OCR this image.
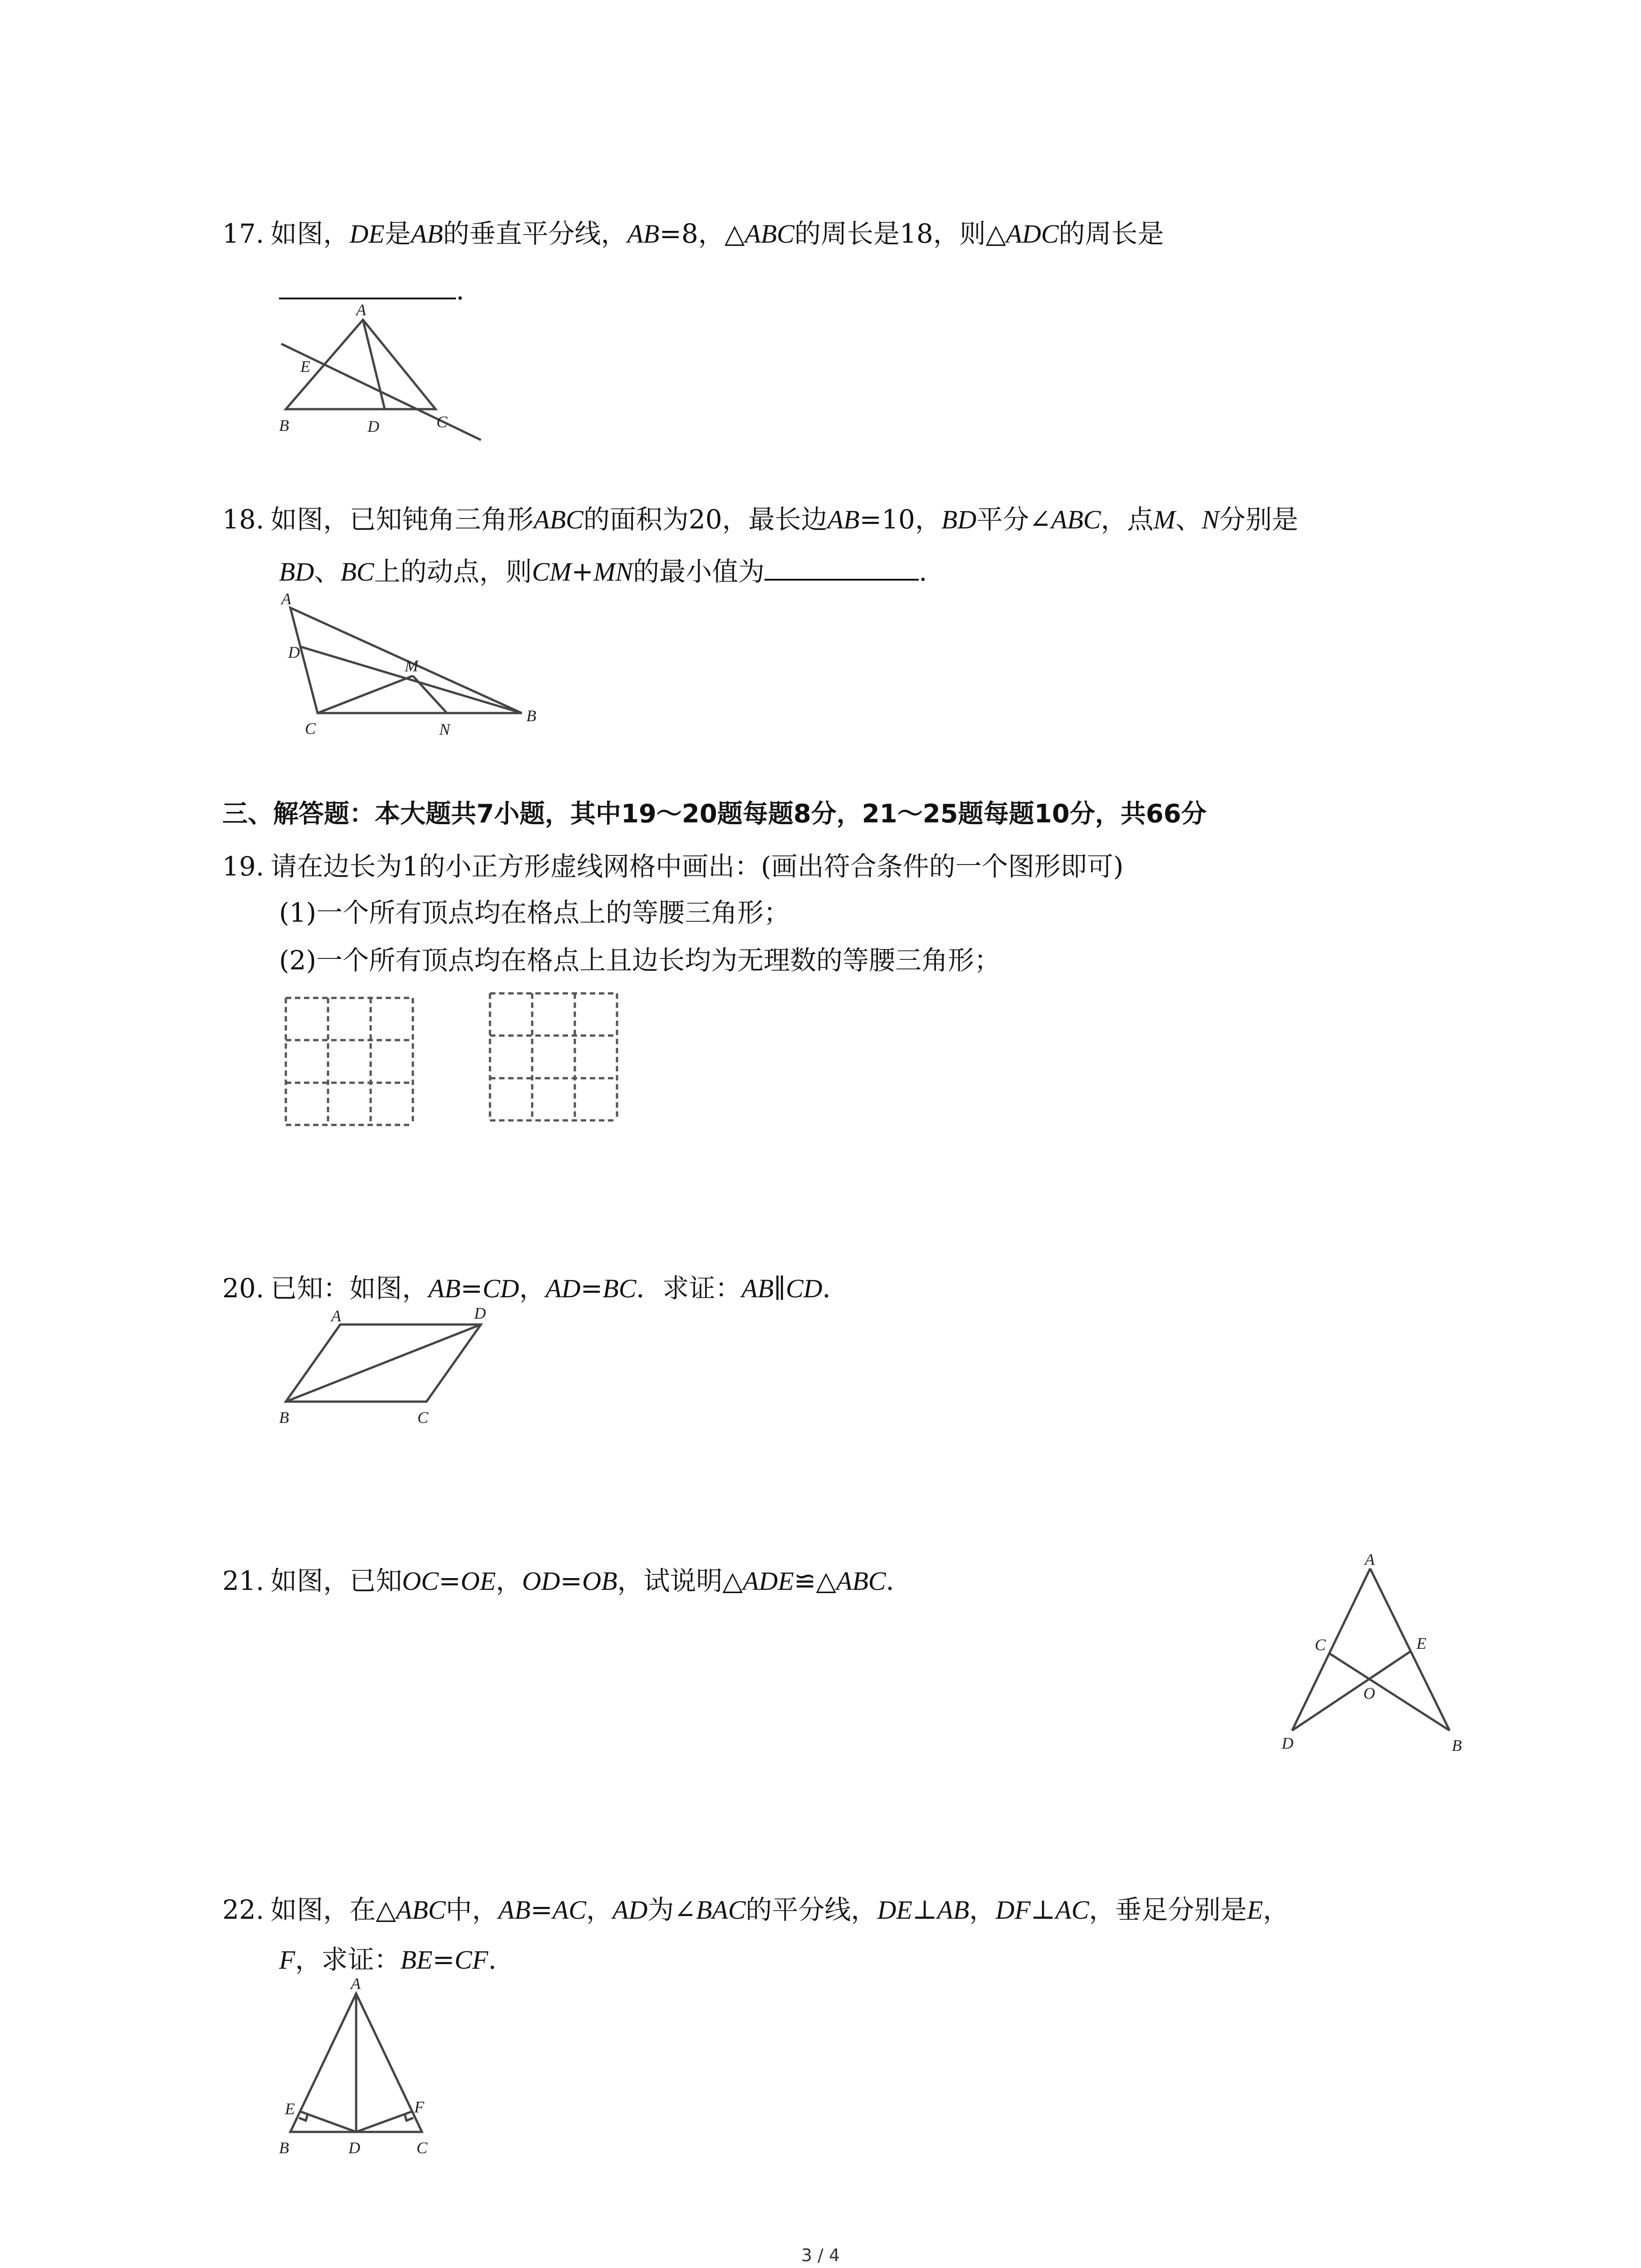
17. 如图，DE是AB的垂直平分线，AB=8，△ABC的周长是18，则△ADC的周长是
.
A
B	C
D
E
18. 如图，已知钝角三角形ABC的面积为20，最长边AB=10，BD平分∠ABC，点M、N分别是
BD、BC上的动点，则CM+MN的最小值为	.
A
B
C
D
M
N
三、解答题：本大题共7小题，其中19～20题每题8分，21～25题每题10分，共66分
19. 请在边长为1的小正方形虚线网格中画出：(画出符合条件的一个图形即可)
(1)一个所有顶点均在格点上的等腰三角形；
(2)一个所有顶点均在格点上且边长均为无理数的等腰三角形；
20. 已知：如图，AB=CD，AD=BC．求证：AB∥CD．
A
B	C
D
21. 如图，已知OC=OE，OD=OB，试说明△ADE≌△ABC．
A
B
C
D
E
O
22. 如图，在△ABC中，AB=AC，AD为∠BAC的平分线，DE⊥AB，DF⊥AC，垂足分别是E，
F，求证：BE=CF.
A
B	C
D
E	F
3 / 4
